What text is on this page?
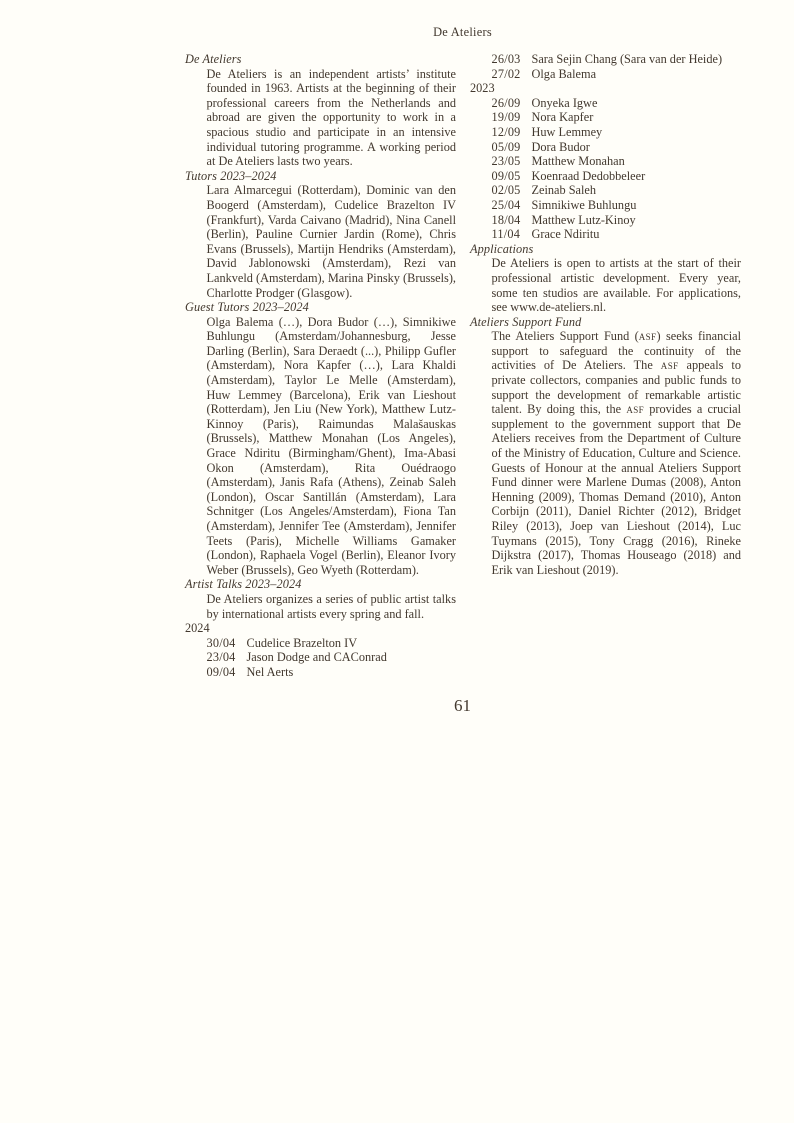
De Ateliers
De Ateliers

De Ateliers is an independent artists’ institute founded in 1963. Artists at the beginning of their professional careers from the Netherlands and abroad are given the opportunity to work in a spacious studio and participate in an intensive individual tutoring programme. A working period at De Ateliers lasts two years.

Tutors 2023–2024

Lara Almarcegui (Rotterdam), Dominic van den Boogerd (Amsterdam), Cudelice Brazelton IV (Frankfurt), Varda Caivano (Madrid), Nina Canell (Berlin), Pauline Curnier Jardin (Rome), Chris Evans (Brussels), Martijn Hendriks (Amsterdam), David Jablonowski (Amsterdam), Rezi van Lankveld (Amsterdam), Marina Pinsky (Brussels), Charlotte Prodger (Glasgow).

Guest Tutors 2023–2024

Olga Balema (…), Dora Budor (…), Simnikiwe Buhlungu (Amsterdam/Johannesburg, Jesse Darling (Berlin), Sara Deraedt (...), Philipp Gufler (Amsterdam), Nora Kapfer (…), Lara Khaldi (Amsterdam), Taylor Le Melle (Amsterdam), Huw Lemmey (Barcelona), Erik van Lieshout (Rotterdam), Jen Liu (New York), Matthew Lutz-Kinnoy (Paris), Raimundas Malašauskas (Brussels), Matthew Monahan (Los Angeles), Grace Ndiritu (Birmingham/Ghent), Ima-Abasi Okon (Amsterdam), Rita Ouédraogo (Amsterdam), Janis Rafa (Athens), Zeinab Saleh (London), Oscar Santillán (Amsterdam), Lara Schnitger (Los Angeles/Amsterdam), Fiona Tan (Amsterdam), Jennifer Tee (Amsterdam), Jennifer Teets (Paris), Michelle Williams Gamaker (London), Raphaela Vogel (Berlin), Eleanor Ivory Weber (Brussels), Geo Wyeth (Rotterdam).

Artist Talks 2023–2024

De Ateliers organizes a series of public artist talks by international artists every spring and fall.

2024
30/04 Cudelice Brazelton IV
23/04 Jason Dodge and CAConrad
09/04 Nel Aerts
26/03 Sara Sejin Chang (Sara van der Heide)
27/02 Olga Balema
2023
26/09 Onyeka Igwe
19/09 Nora Kapfer
12/09 Huw Lemmey
05/09 Dora Budor
23/05 Matthew Monahan
09/05 Koenraad Dedobbeleer
02/05 Zeinab Saleh
25/04 Simnikiwe Buhlungu
18/04 Matthew Lutz-Kinoy
11/04 Grace Ndiritu
Applications

De Ateliers is open to artists at the start of their professional artistic development. Every year, some ten studios are available. For applications, see www.de-ateliers.nl.

Ateliers Support Fund

The Ateliers Support Fund (asf) seeks financial support to safeguard the continuity of the activities of De Ateliers. The asf appeals to private collectors, companies and public funds to support the development of remarkable artistic talent. By doing this, the asf provides a crucial supplement to the government support that De Ateliers receives from the Department of Culture of the Ministry of Education, Culture and Science. Guests of Honour at the annual Ateliers Support Fund dinner were Marlene Dumas (2008), Anton Henning (2009), Thomas Demand (2010), Anton Corbijn (2011), Daniel Richter (2012), Bridget Riley (2013), Joep van Lieshout (2014), Luc Tuymans (2015), Tony Cragg (2016), Rineke Dijkstra (2017), Thomas Houseago (2018) and Erik van Lieshout (2019).

61
